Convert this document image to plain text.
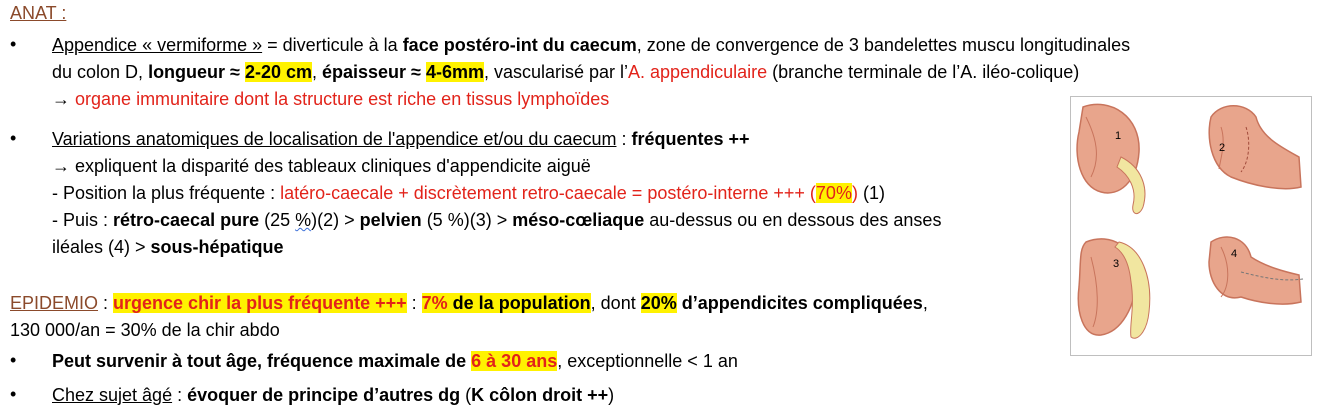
ANAT :
• Appendice « vermiforme » = diverticule à la face postéro-int du caecum, zone de convergence de 3 bandelettes muscu longitudinales
du colon D, longueur ≈ 2-20 cm, épaisseur ≈ 4-6mm, vascularisé par l’A. appendiculaire (branche terminale de l’A. iléo-colique)
→ organe immunitaire dont la structure est riche en tissus lymphoïdes
• Variations anatomiques de localisation de l'appendice et/ou du caecum : fréquentes ++
→ expliquent la disparité des tableaux cliniques d'appendicite aiguë
- Position la plus fréquente : latéro-caecale + discrètement retro-caecale = postéro-interne +++ (70%) (1)
- Puis : rétro-caecal pure (25 %)(2) > pelvien (5 %)(3) > méso-cœliaque au-dessus ou en dessous des anses
iléales (4) > sous-hépatique
EPIDEMIO : urgence chir la plus fréquente +++ : 7% de la population, dont 20% d’appendicites compliquées,
130 000/an = 30% de la chir abdo
• Peut survenir à tout âge, fréquence maximale de 6 à 30 ans, exceptionnelle < 1 an
• Chez sujet âgé : évoquer de principe d’autres dg (K côlon droit ++)
1
2
3
4
